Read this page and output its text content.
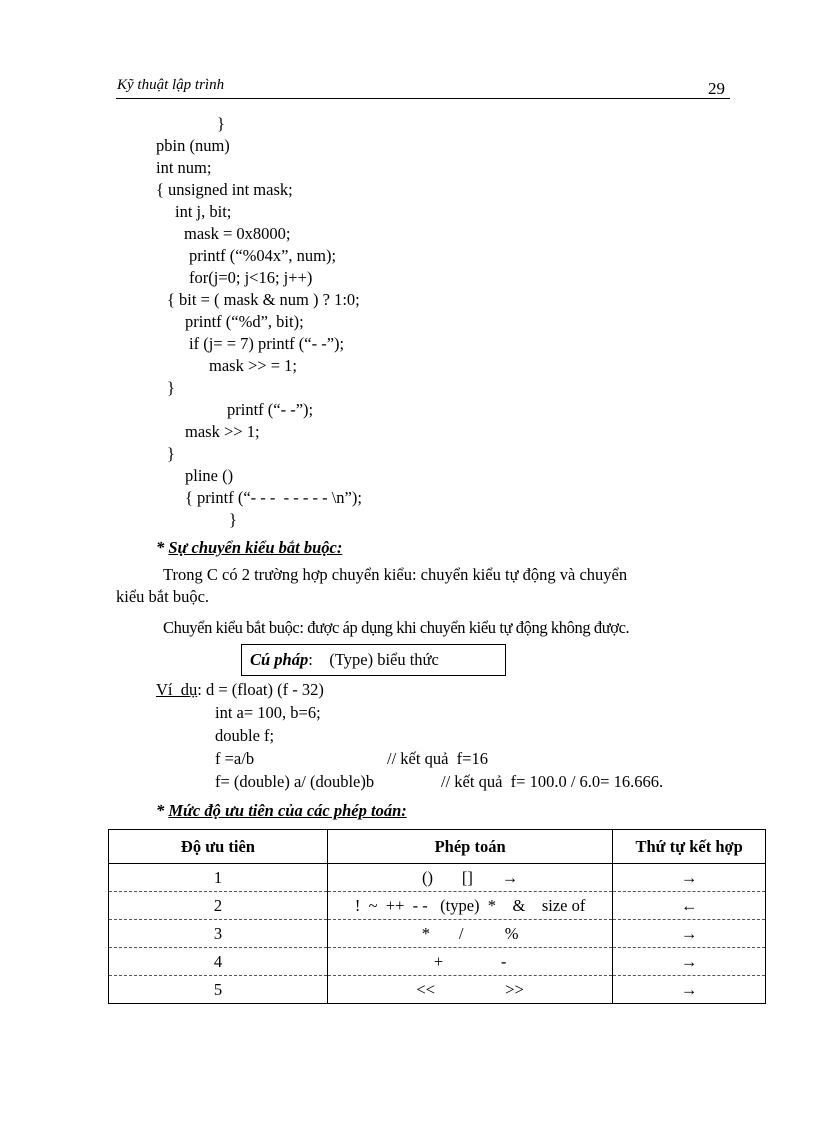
Kỹ thuật lập trình	29
}
pbin (num)
int num;
{ unsigned int mask;
int j, bit;
mask = 0x8000;
printf (“%04x”, num);
for(j=0; j<16; j++)
{ bit = ( mask & num ) ? 1:0;
printf (“%d”, bit);
if (j= = 7) printf (“- -”);
mask >> = 1;
}
printf (“- -”);
mask >> 1;
}
pline ()
{ printf (“- - -  - - - - - \n”);
}
* Sự chuyển kiểu bắt buộc:
Trong C có 2 trường hợp chuyển kiểu: chuyển kiểu tự động và chuyển
kiểu bắt buộc.
Chuyển kiểu bắt buộc: được áp dụng khi chuyển kiểu tự động không được.
Cú pháp:    (Type) biểu thức
Ví  dụ: d = (float) (f - 32)
int a= 100, b=6;
double f;
f =a/b	// kết quả  f=16
f= (double) a/ (double)b	// kết quả  f= 100.0 / 6.0= 16.666.
* Mức độ ưu tiên của các phép toán:
Độ ưu tiên	Phép toán	Thứ tự kết hợp
1	()       []       →	→
2	!  ~  ++  - -   (type)  *    &    size of	←
3	*       /          %	→
4	+              -	→
5	<<                 >>	→
